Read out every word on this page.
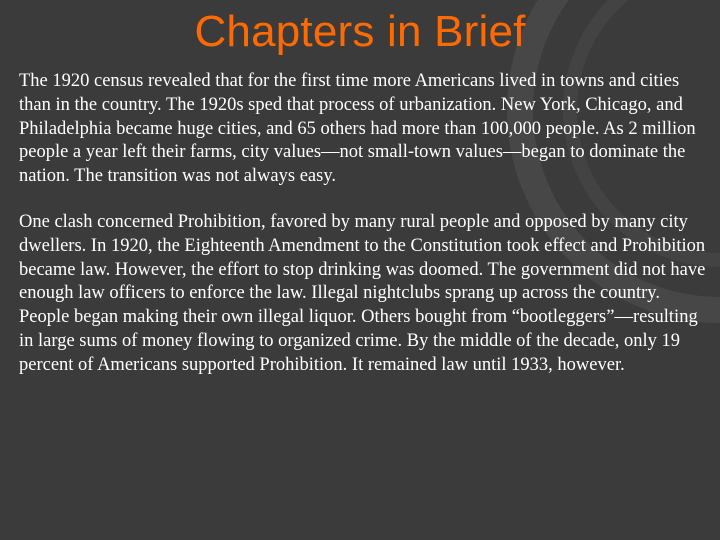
Chapters in Brief

The 1920 census revealed that for the first time more Americans lived in towns and cities than in the country. The 1920s sped that process of urbanization. New York, Chicago, and Philadelphia became huge cities, and 65 others had more than 100,000 people. As 2 million people a year left their farms, city values—not small-town values—began to dominate the nation. The transition was not always easy.

One clash concerned Prohibition, favored by many rural people and opposed by many city dwellers. In 1920, the Eighteenth Amendment to the Constitution took effect and Prohibition became law. However, the effort to stop drinking was doomed. The government did not have enough law officers to enforce the law. Illegal nightclubs sprang up across the country. People began making their own illegal liquor. Others bought from “bootleggers”—resulting in large sums of money flowing to organized crime. By the middle of the decade, only 19 percent of Americans supported Prohibition. It remained law until 1933, however.
